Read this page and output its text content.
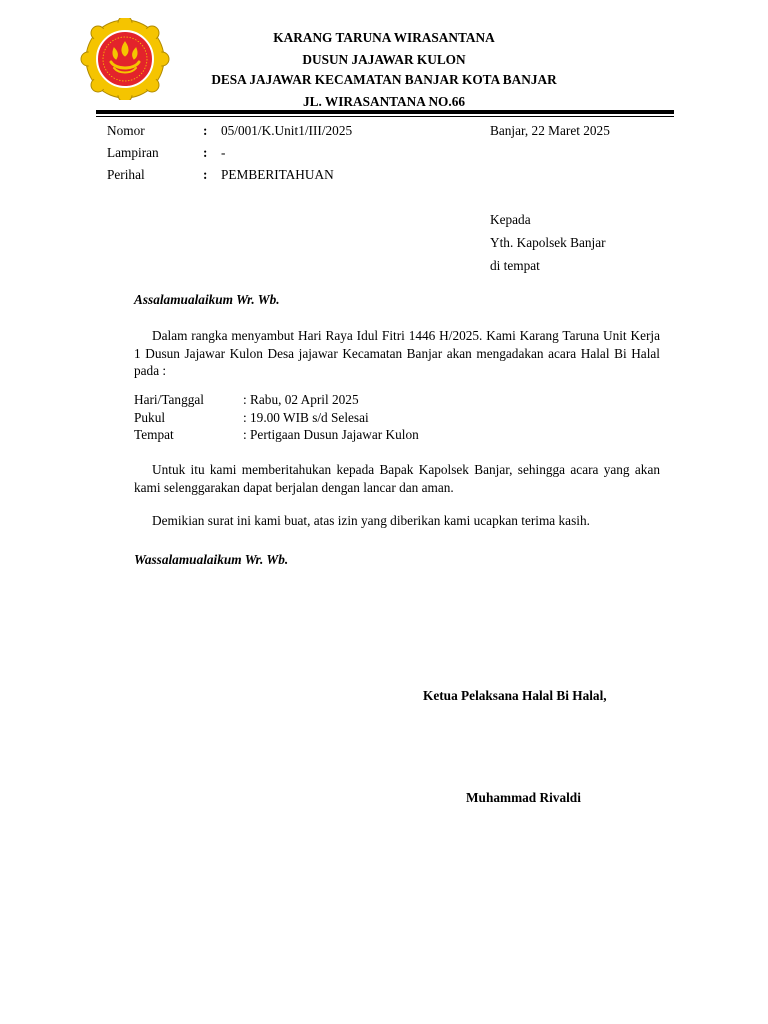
KARANG TARUNA WIRASANTANA
DUSUN JAJAWAR KULON
DESA JAJAWAR KECAMATAN BANJAR KOTA BANJAR
JL. WIRASANTANA NO.66
Nomor	: 05/001/K.Unit1/III/2025	Banjar, 22 Maret 2025
Lampiran	: -
Perihal	: PEMBERITAHUAN
Kepada
Yth. Kapolsek Banjar
di tempat
Assalamualaikum Wr. Wb.
Dalam rangka menyambut Hari Raya Idul Fitri 1446 H/2025. Kami Karang Taruna Unit Kerja 1 Dusun Jajawar Kulon Desa jajawar Kecamatan Banjar akan mengadakan acara Halal Bi Halal pada :
Hari/Tanggal	: Rabu, 02 April 2025
Pukul	: 19.00 WIB s/d Selesai
Tempat	: Pertigaan Dusun Jajawar Kulon
Untuk itu kami memberitahukan kepada Bapak Kapolsek Banjar, sehingga acara yang akan kami selenggarakan dapat berjalan dengan lancar dan aman.
Demikian surat ini kami buat, atas izin yang diberikan kami ucapkan terima kasih.
Wassalamualaikum Wr. Wb.
Ketua Pelaksana Halal Bi Halal,
Muhammad Rivaldi
